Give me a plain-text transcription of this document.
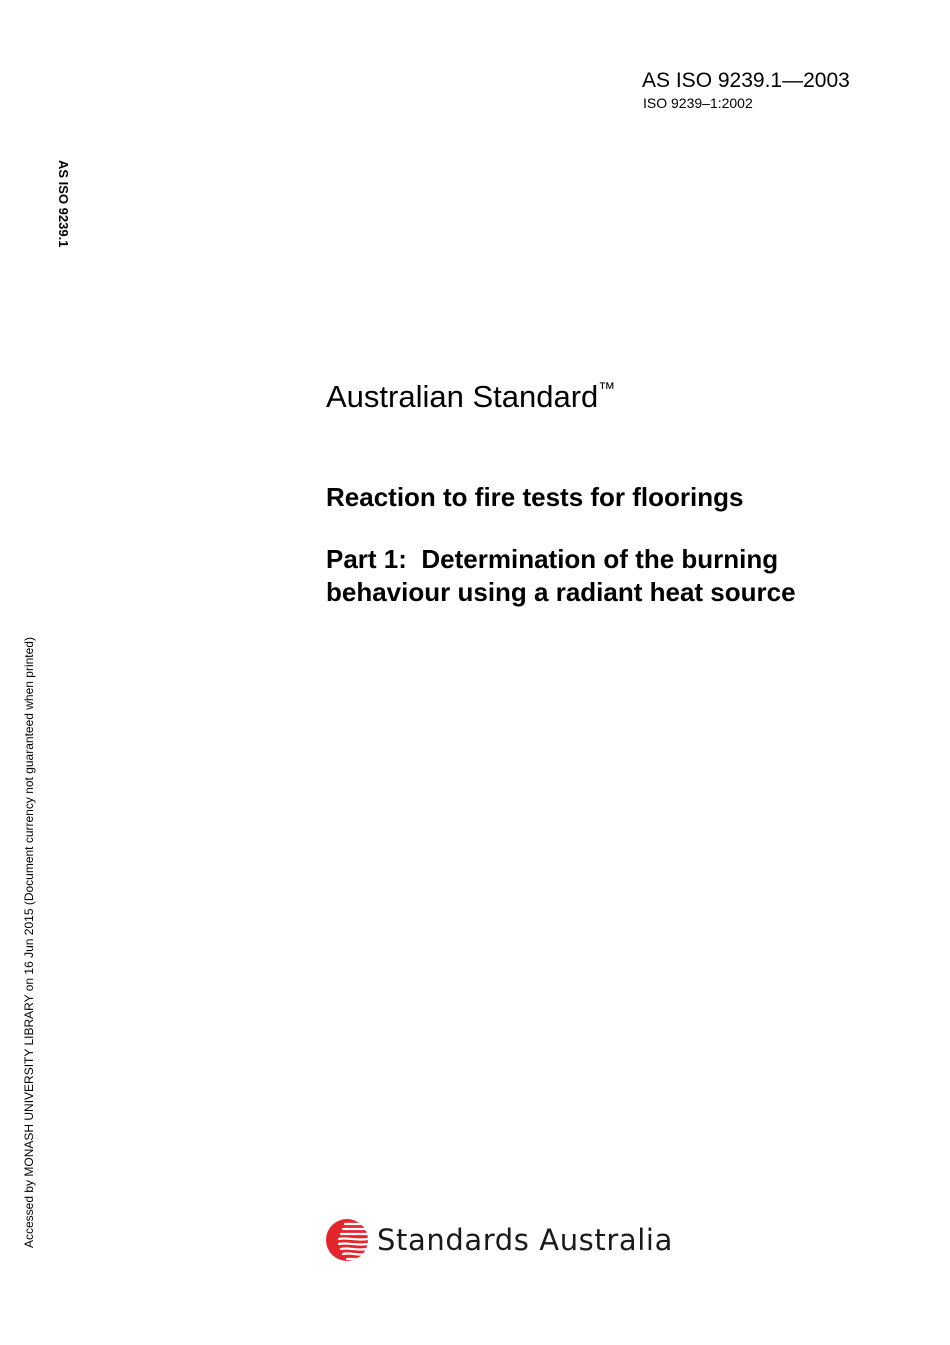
AS ISO 9239.1—2003
ISO 9239–1:2002
AS ISO 9239.1
Accessed by MONASH UNIVERSITY LIBRARY on 16 Jun 2015 (Document currency not guaranteed when printed)
Australian Standard™
Reaction to fire tests for floorings
Part 1:  Determination of the burning behaviour using a radiant heat source
Standards Australia
